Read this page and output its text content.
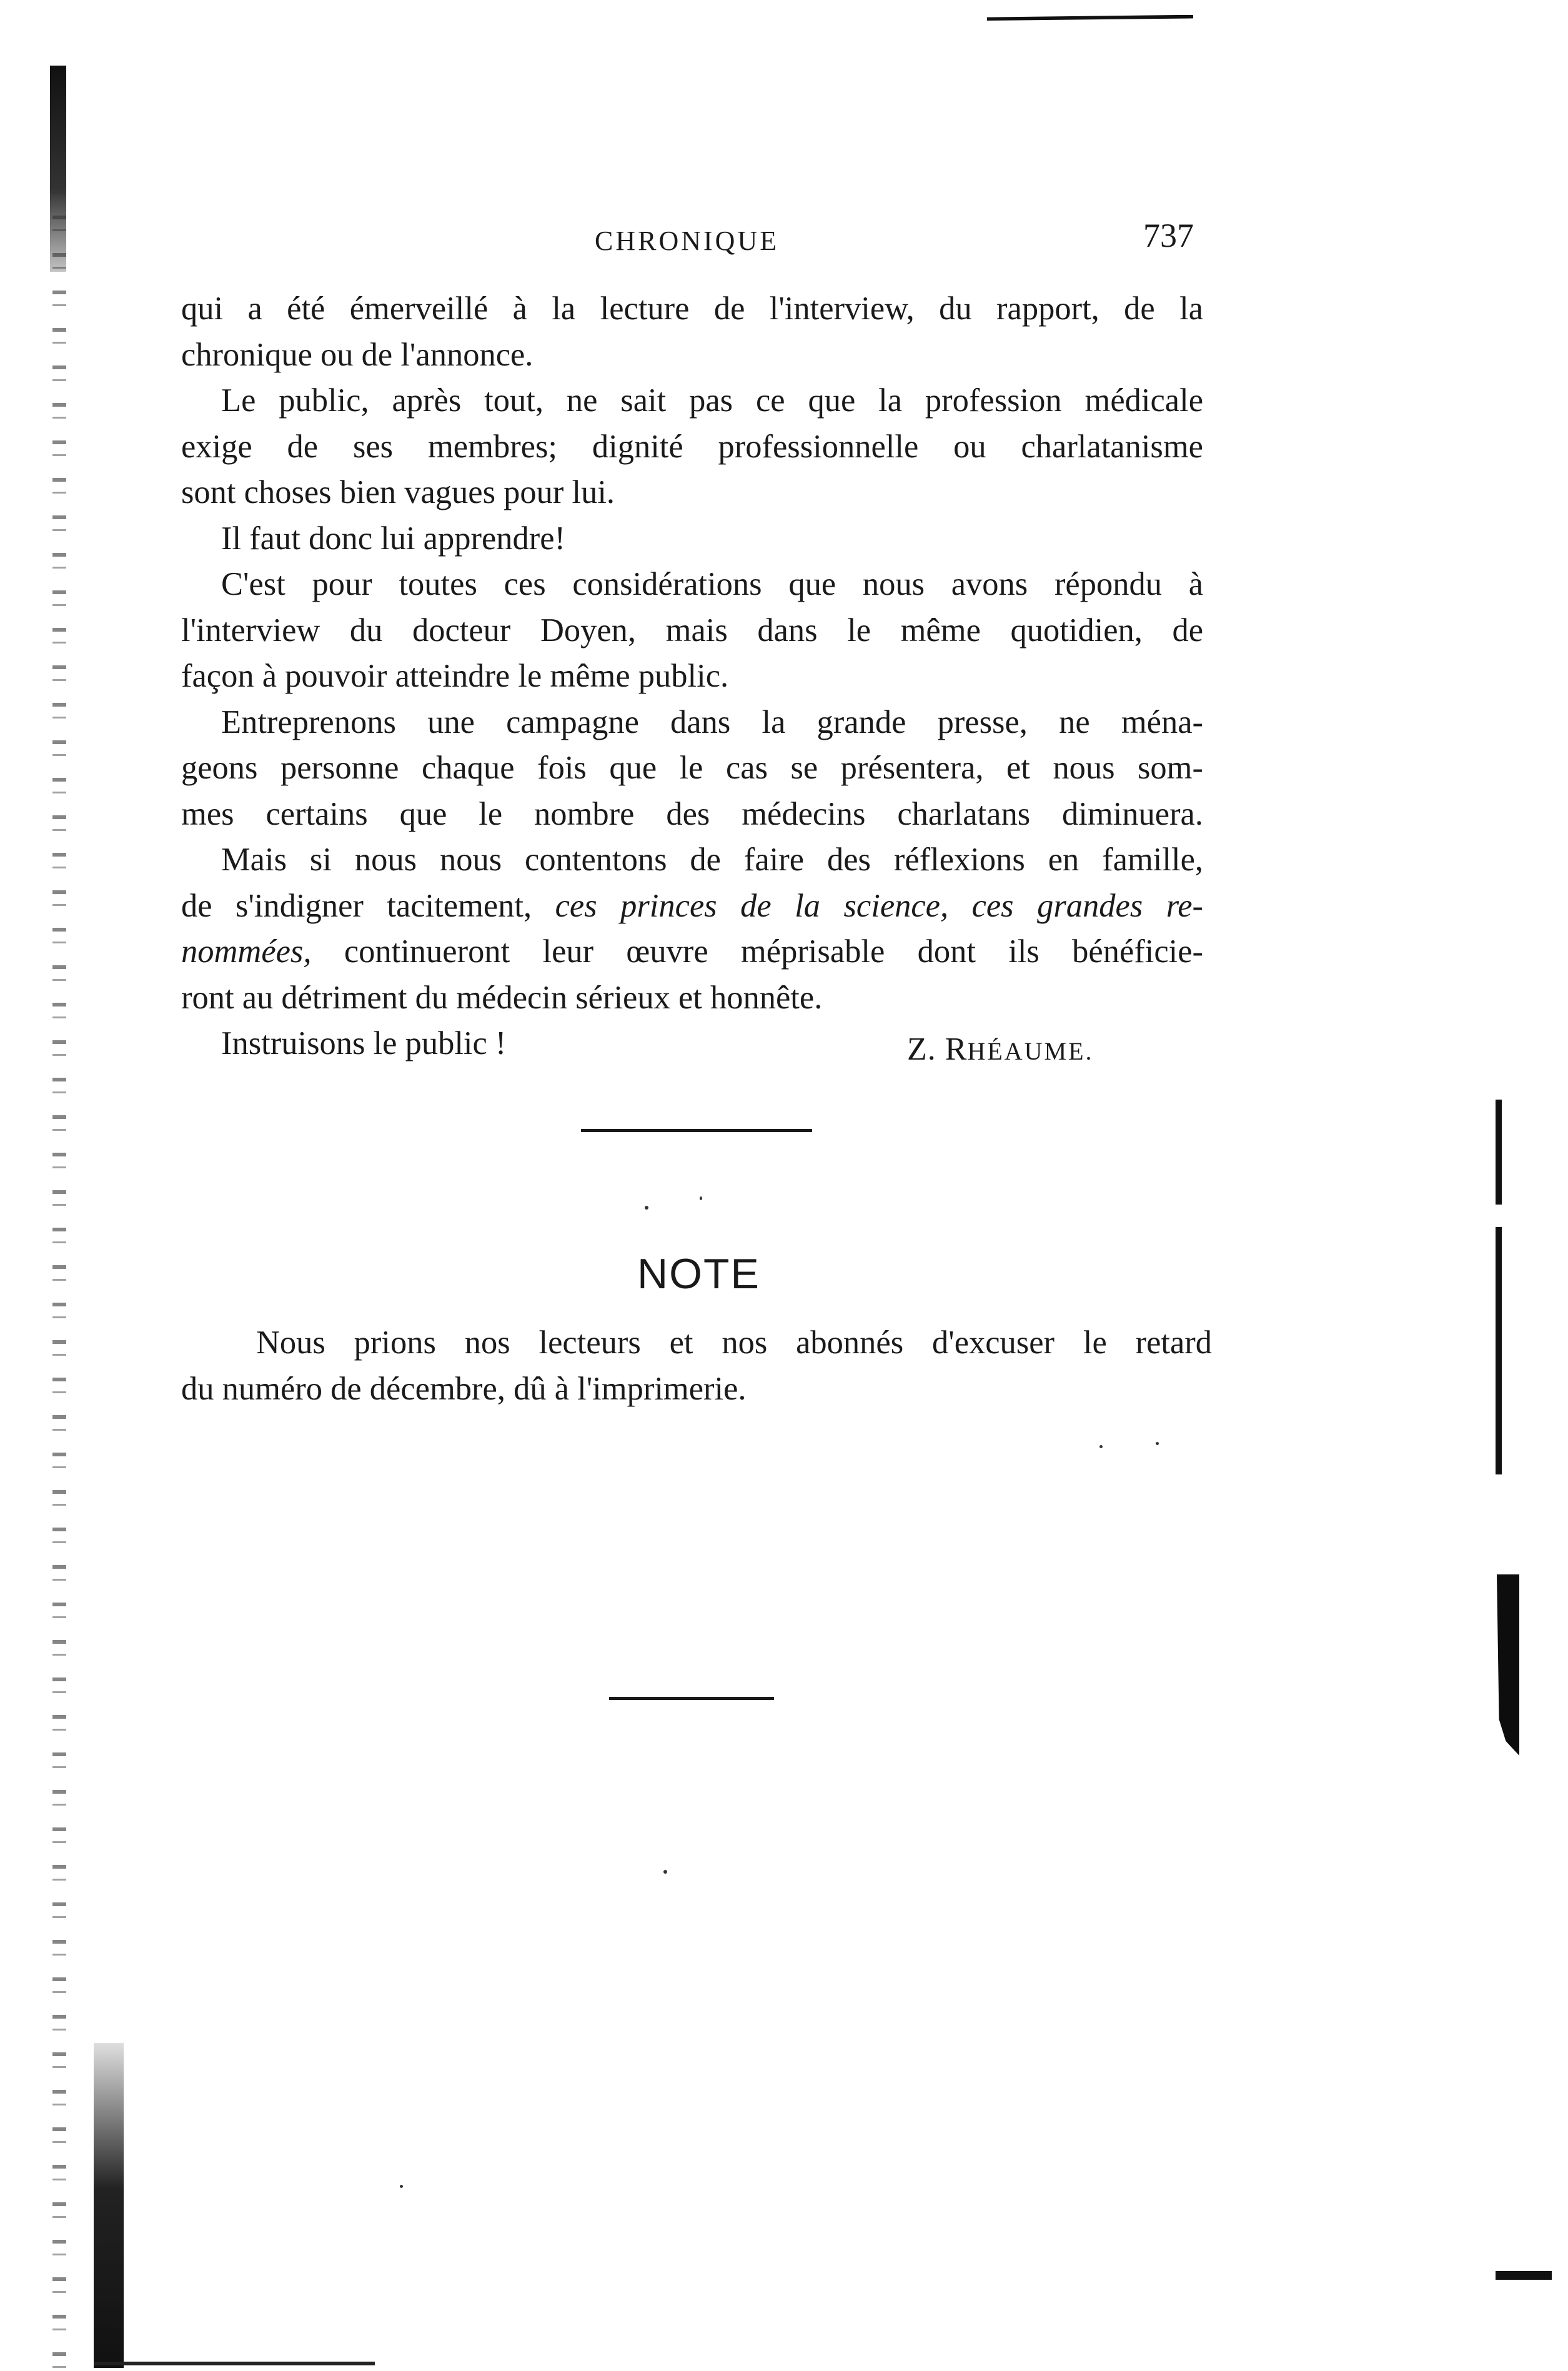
CHRONIQUE	737
qui a été émerveillé à la lecture de l'interview, du rapport, de la
chronique ou de l'annonce.
Le public, après tout, ne sait pas ce que la profession médicale
exige de ses membres; dignité professionnelle ou charlatanisme
sont choses bien vagues pour lui.
Il faut donc lui apprendre!
C'est pour toutes ces considérations que nous avons répondu à
l'interview du docteur Doyen, mais dans le même quotidien, de
façon à pouvoir atteindre le même public.
Entreprenons une campagne dans la grande presse, ne ména-
geons personne chaque fois que le cas se présentera, et nous som-
mes certains que le nombre des médecins charlatans diminuera.
Mais si nous nous contentons de faire des réflexions en famille,
de s'indigner tacitement, ces princes de la science, ces grandes re-
nommées, continueront leur œuvre méprisable dont ils bénéficie-
ront au détriment du médecin sérieux et honnête.
Instruisons le public !	Z. RHÉAUME.
NOTE
Nous prions nos lecteurs et nos abonnés d'excuser le retard
du numéro de décembre, dû à l'imprimerie.
